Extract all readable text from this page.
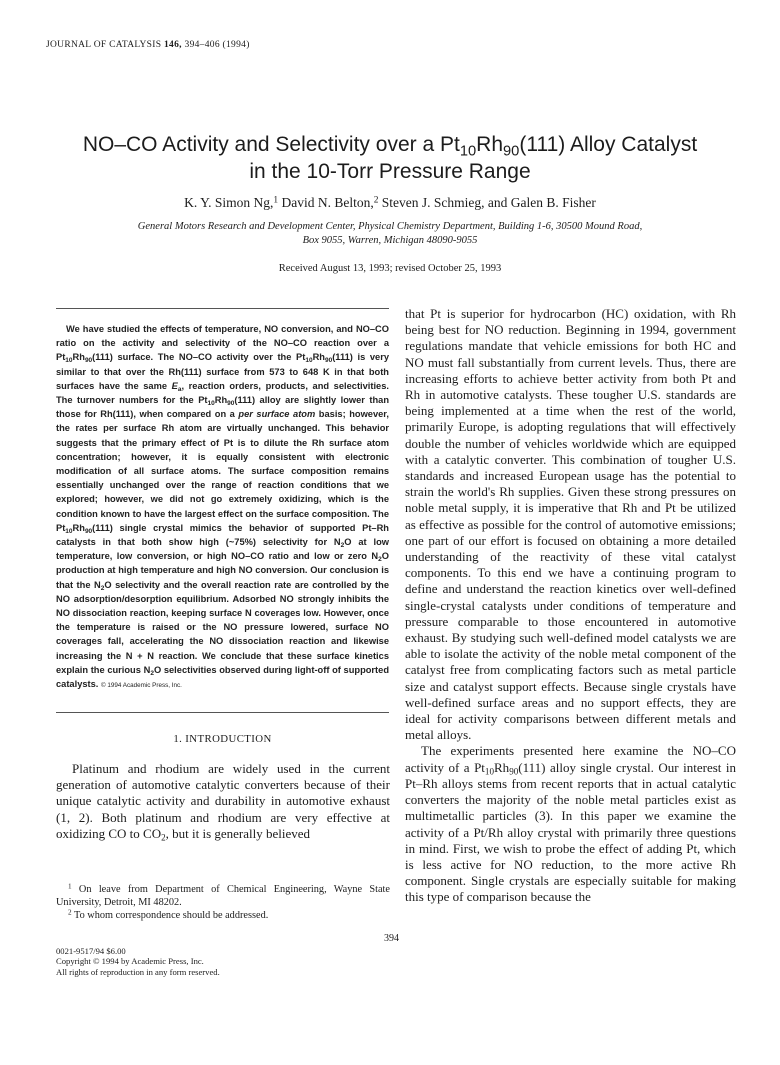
JOURNAL OF CATALYSIS 146, 394–406 (1994)
NO–CO Activity and Selectivity over a $Pt_{10}Rh_{90}(111)$ Alloy Catalyst
in the 10-Torr Pressure Range
K. Y. Simon Ng,$^1$ David N. Belton,$^2$ Steven J. Schmieg, and Galen B. Fisher
General Motors Research and Development Center, Physical Chemistry Department, Building 1-6, 30500 Mound Road,
Box 9055, Warren, Michigan 48090-9055
Received August 13, 1993; revised October 25, 1993
We have studied the effects of temperature, NO conversion, and NO–CO ratio on the activity and selectivity of the NO–CO reaction over a $Pt_{10}Rh_{90}(111)$ surface. The NO–CO activity over the $Pt_{10}Rh_{90}(111)$ is very similar to that over the Rh(111) surface from 573 to 648 K in that both surfaces have the same $E_a$, reaction orders, products, and selectivities. The turnover numbers for the $Pt_{10}Rh_{90}(111)$ alloy are slightly lower than those for Rh(111), when compared on a per surface atom basis; however, the rates per surface Rh atom are virtually unchanged. This behavior suggests that the primary effect of Pt is to dilute the Rh surface atom concentration; however, it is equally consistent with electronic modification of all surface atoms. The surface composition remains essentially unchanged over the range of reaction conditions that we explored; however, we did not go extremely oxidizing, which is the condition known to have the largest effect on the surface composition. The $Pt_{10}Rh_{90}(111)$ single crystal mimics the behavior of supported Pt–Rh catalysts in that both show high (~75%) selectivity for $N_2O$ at low temperature, low conversion, or high NO–CO ratio and low or zero $N_2O$ production at high temperature and high NO conversion. Our conclusion is that the $N_2O$ selectivity and the overall reaction rate are controlled by the NO adsorption/desorption equilibrium. Adsorbed NO strongly inhibits the NO dissociation reaction, keeping surface N coverages low. However, once the temperature is raised or the NO pressure lowered, surface NO coverages fall, accelerating the NO dissociation reaction and likewise increasing the N + N reaction. We conclude that these surface kinetics explain the curious $N_2O$ selectivities observed during light-off of supported catalysts. © 1994 Academic Press, Inc.
1. INTRODUCTION
Platinum and rhodium are widely used in the current generation of automotive catalytic converters because of their unique catalytic activity and durability in automotive exhaust (1, 2). Both platinum and rhodium are very effective at oxidizing CO to $CO_2$, but it is generally believed

$^1$ On leave from Department of Chemical Engineering, Wayne State University, Detroit, MI 48202.

$^2$ To whom correspondence should be addressed.

394
0021-9517/94 $6.00
Copyright © 1994 by Academic Press, Inc.
All rights of reproduction in any form reserved.

that Pt is superior for hydrocarbon (HC) oxidation, with Rh being best for NO reduction. Beginning in 1994, government regulations mandate that vehicle emissions for both HC and NO must fall substantially from current levels. Thus, there are increasing efforts to achieve better activity from both Pt and Rh in automotive catalysts. These tougher U.S. standards are being implemented at a time when the rest of the world, primarily Europe, is adopting regulations that will effectively double the number of vehicles worldwide which are equipped with a catalytic converter. This combination of tougher U.S. standards and increased European usage has the potential to strain the world's Rh supplies. Given these strong pressures on noble metal supply, it is imperative that Rh and Pt be utilized as effective as possible for the control of automotive emissions; one part of our effort is focused on obtaining a more detailed understanding of the reactivity of these vital catalyst components. To this end we have a continuing program to define and understand the reaction kinetics over well-defined single-crystal catalysts under conditions of temperature and pressure comparable to those encountered in automotive exhaust. By studying such well-defined model catalysts we are able to isolate the activity of the noble metal component of the catalyst free from complicating factors such as metal particle size and catalyst support effects. Because single crystals have well-defined surface areas and no support effects, they are ideal for activity comparisons between different metals and metal alloys.

The experiments presented here examine the NO–CO activity of a $Pt_{10}Rh_{90}(111)$ alloy single crystal. Our interest in Pt–Rh alloys stems from recent reports that in actual catalytic converters the majority of the noble metal particles exist as multimetallic particles (3). In this paper we examine the activity of a Pt/Rh alloy crystal with primarily three questions in mind. First, we wish to probe the effect of adding Pt, which is less active for NO reduction, to the more active Rh component. Single crystals are especially suitable for making this type of comparison because the
